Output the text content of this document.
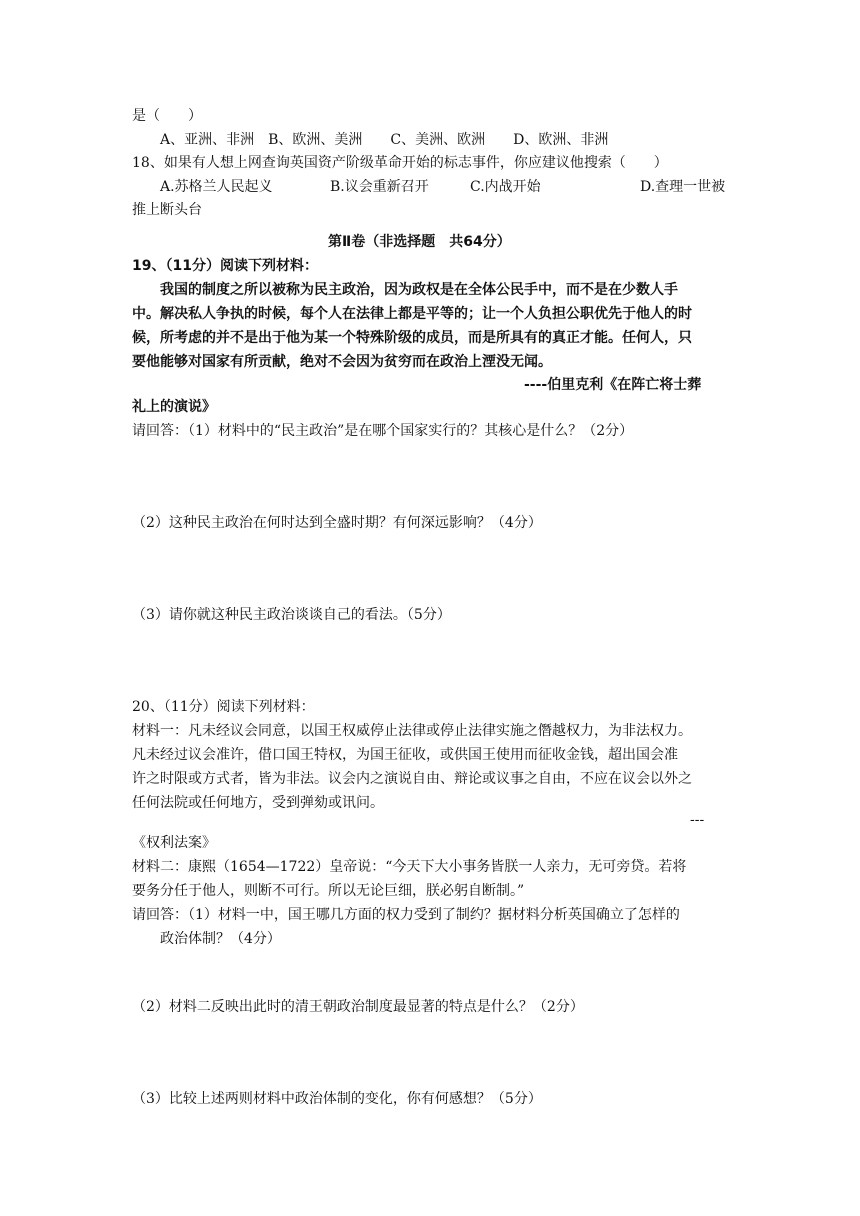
是（　　）
A、亚洲、非洲　B、欧洲、美洲　　C、美洲、欧洲　　D、欧洲、非洲
18、如果有人想上网查询英国资产阶级革命开始的标志事件，你应建议他搜索（　　）
A.苏格兰人民起义	B.议会重新召开	C.内战开始	D.查理一世被
推上断头台
第Ⅱ卷（非选择题　共64分）
19、（11分）阅读下列材料：
我国的制度之所以被称为民主政治，因为政权是在全体公民手中，而不是在少数人手
中。解决私人争执的时候，每个人在法律上都是平等的；让一个人负担公职优先于他人的时
候，所考虑的并不是出于他为某一个特殊阶级的成员，而是所具有的真正才能。任何人，只
要他能够对国家有所贡献，绝对不会因为贫穷而在政治上湮没无闻。
----伯里克利《在阵亡将士葬
礼上的演说》
请回答：（1）材料中的“民主政治”是在哪个国家实行的？其核心是什么？（2分）
（2）这种民主政治在何时达到全盛时期？有何深远影响？（4分）
（3）请你就这种民主政治谈谈自己的看法。（5分）
20、（11分）阅读下列材料：
材料一：凡未经议会同意，以国王权威停止法律或停止法律实施之僭越权力，为非法权力。
凡未经过议会准许，借口国王特权，为国王征收，或供国王使用而征收金钱，超出国会准
许之时限或方式者，皆为非法。议会内之演说自由、辩论或议事之自由，不应在议会以外之
任何法院或任何地方，受到弹劾或讯问。
---
《权利法案》
材料二：康熙（1654—1722）皇帝说：“今天下大小事务皆朕一人亲力，无可旁贷。若将
要务分任于他人，则断不可行。所以无论巨细，朕必躬自断制。”
请回答：（1）材料一中，国王哪几方面的权力受到了制约？据材料分析英国确立了怎样的
政治体制？（4分）
（2）材料二反映出此时的清王朝政治制度最显著的特点是什么？（2分）
（3）比较上述两则材料中政治体制的变化，你有何感想？（5分）
